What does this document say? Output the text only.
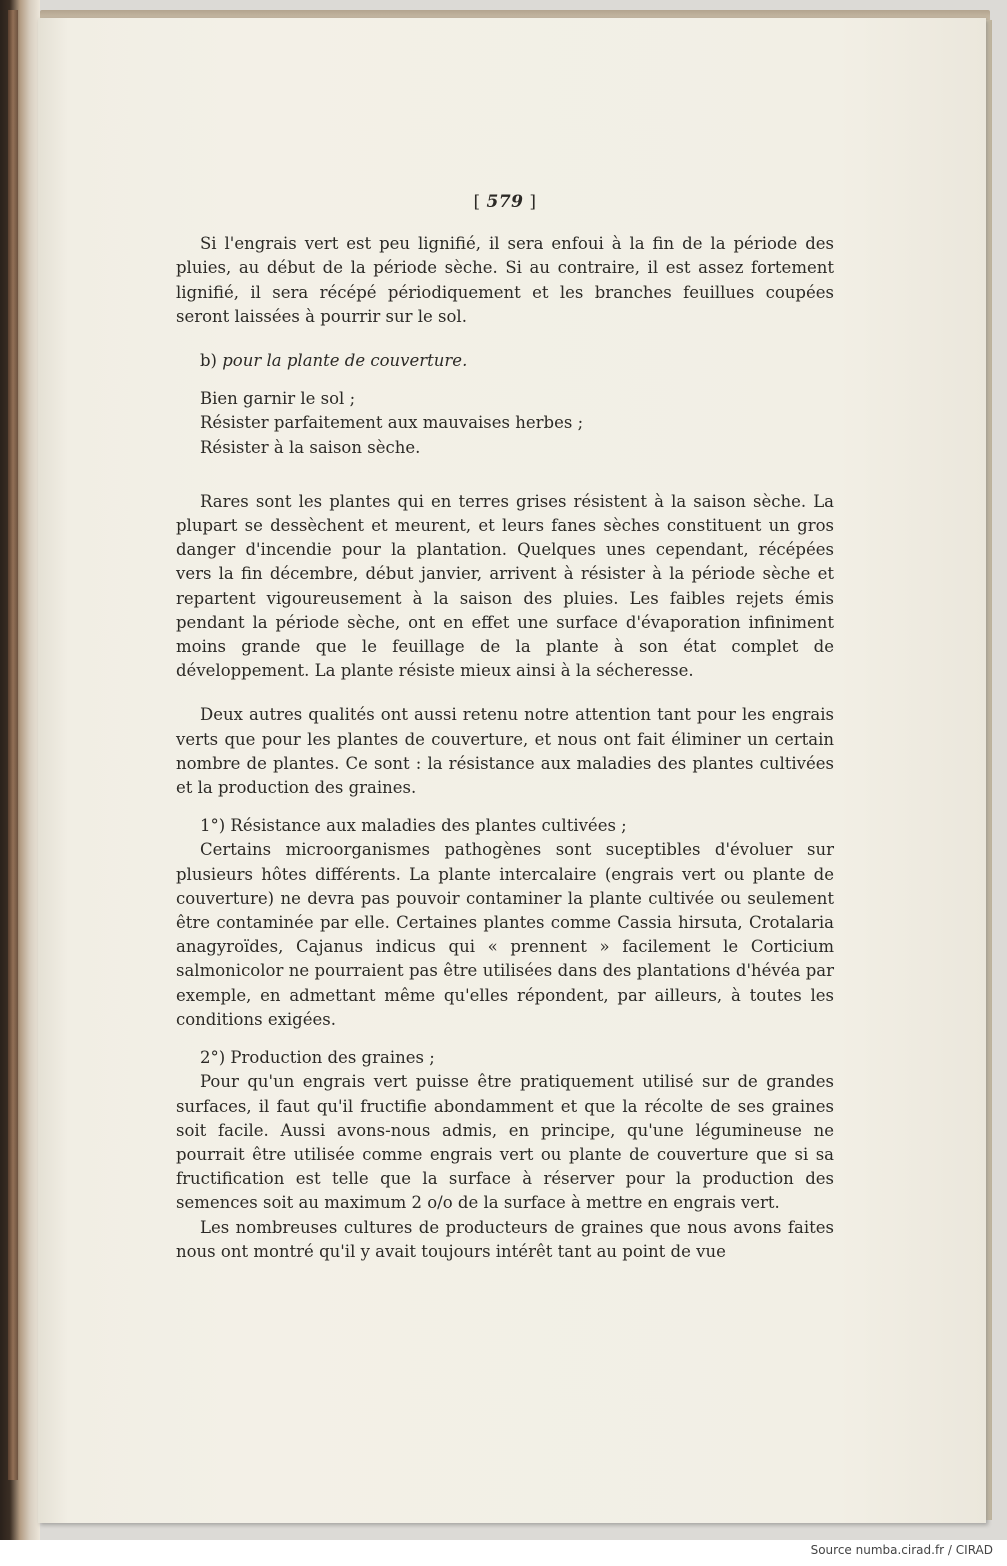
[ 579 ]

Si l'engrais vert est peu lignifié, il sera enfoui à la fin de la période des pluies, au début de la période sèche. Si au contraire, il est assez fortement lignifié, il sera récépé périodiquement et les branches feuillues coupées seront laissées à pourrir sur le sol.

b) pour la plante de couverture.

Bien garnir le sol ;

Résister parfaitement aux mauvaises herbes ;

Résister à la saison sèche.

Rares sont les plantes qui en terres grises résistent à la saison sèche. La plupart se dessèchent et meurent, et leurs fanes sèches constituent un gros danger d'incendie pour la plantation. Quelques unes cependant, récépées vers la fin décembre, début janvier, arrivent à résister à la période sèche et repartent vigoureusement à la saison des pluies. Les faibles rejets émis pendant la période sèche, ont en effet une surface d'évaporation infiniment moins grande que le feuillage de la plante à son état complet de développement. La plante résiste mieux ainsi à la sécheresse.

Deux autres qualités ont aussi retenu notre attention tant pour les engrais verts que pour les plantes de couverture, et nous ont fait éliminer un certain nombre de plantes. Ce sont : la résistance aux maladies des plantes cultivées et la production des graines.

1°) Résistance aux maladies des plantes cultivées ;

Certains microorganismes pathogènes sont suceptibles d'évoluer sur plusieurs hôtes différents. La plante intercalaire (engrais vert ou plante de couverture) ne devra pas pouvoir contaminer la plante cultivée ou seulement être contaminée par elle. Certaines plantes comme Cassia hirsuta, Crotalaria anagyroïdes, Cajanus indicus qui « prennent » facilement le Corticium salmonicolor ne pourraient pas être utilisées dans des plantations d'hévéa par exemple, en admettant même qu'elles répondent, par ailleurs, à toutes les conditions exigées.

2°) Production des graines ;

Pour qu'un engrais vert puisse être pratiquement utilisé sur de grandes surfaces, il faut qu'il fructifie abondamment et que la récolte de ses graines soit facile. Aussi avons-nous admis, en principe, qu'une légumineuse ne pourrait être utilisée comme engrais vert ou plante de couverture que si sa fructification est telle que la surface à réserver pour la production des semences soit au maximum 2 o/o de la surface à mettre en engrais vert.

Les nombreuses cultures de producteurs de graines que nous avons faites nous ont montré qu'il y avait toujours intérêt tant au point de vue

Source numba.cirad.fr / CIRAD
